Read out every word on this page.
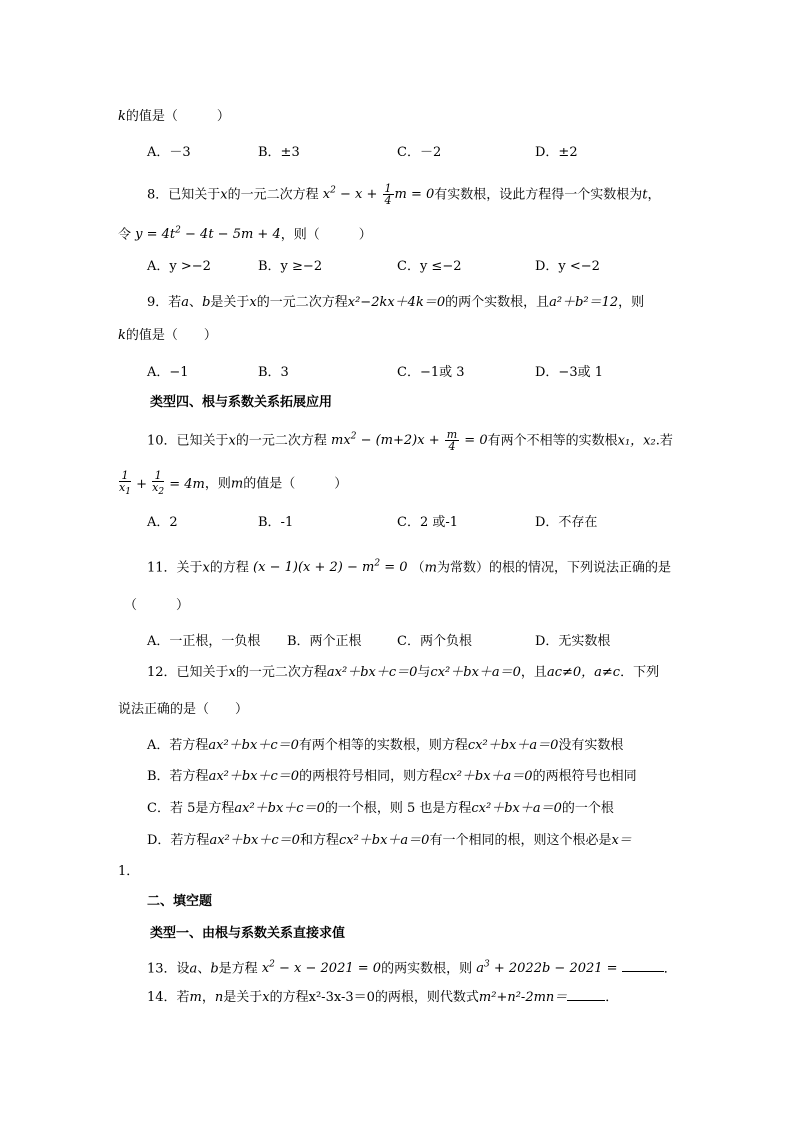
k的值是（　　　）
A．－3	B．±3	C．－2	D．±2
8．已知关于x的一元二次方程 $x^2 - x + \frac{1}{4}$ m = 0有实数根，设此方程得一个实数根为t，
令 $y = 4t^2 - 4t - 5m + 4$，则（　　　）
A．y >−2	B．y ≥−2	C．y ≤−2	D．y <−2
9．若a、b是关于x的一元二次方程x²−2kx＋4k＝0的两个实数根，且a²＋b²＝12，则
k的值是（　　）
A．−1	B．3	C．−1或 3	D．−3或 1
类型四、根与系数关系拓展应用
10．已知关于x的一元二次方程 $mx^2 - (m+2)x + \frac{m}{4} = 0$有两个不相等的实数根x₁，x₂.若
$\frac{1}{x_1} + \frac{1}{x_2} = 4m$，则m的值是（　　　）
A．2	B．-1	C．2 或-1	D．不存在
11．关于x的方程 $(x - 1)(x + 2) - m^2 = 0$ （m为常数）的根的情况，下列说法正确的是
（　　　）
A．一正根，一负根 B．两个正根	C．两个负根	D．无实数根
12．已知关于x的一元二次方程ax²＋bx＋c＝0与cx²＋bx＋a＝0，且ac≠0，a≠c．下列
说法正确的是（　　）
A．若方程ax²＋bx＋c＝0有两个相等的实数根，则方程cx²＋bx＋a＝0没有实数根
B．若方程ax²＋bx＋c＝0的两根符号相同，则方程cx²＋bx＋a＝0的两根符号也相同
C．若 5是方程ax²＋bx＋c＝0的一个根，则 5 也是方程cx²＋bx＋a＝0的一个根
D．若方程ax²＋bx＋c＝0和方程cx²＋bx＋a＝0有一个相同的根，则这个根必是x＝
1．
二、填空题
类型一、由根与系数关系直接求值
13．设a、b是方程 $x^2 - x - 2021 = 0$的两实数根，则 $a^3 + 2022b - 2021$ =	．
14．若m，n是关于x的方程x²-3x-3＝0的两根，则代数式m²+n²-2mn＝	．
